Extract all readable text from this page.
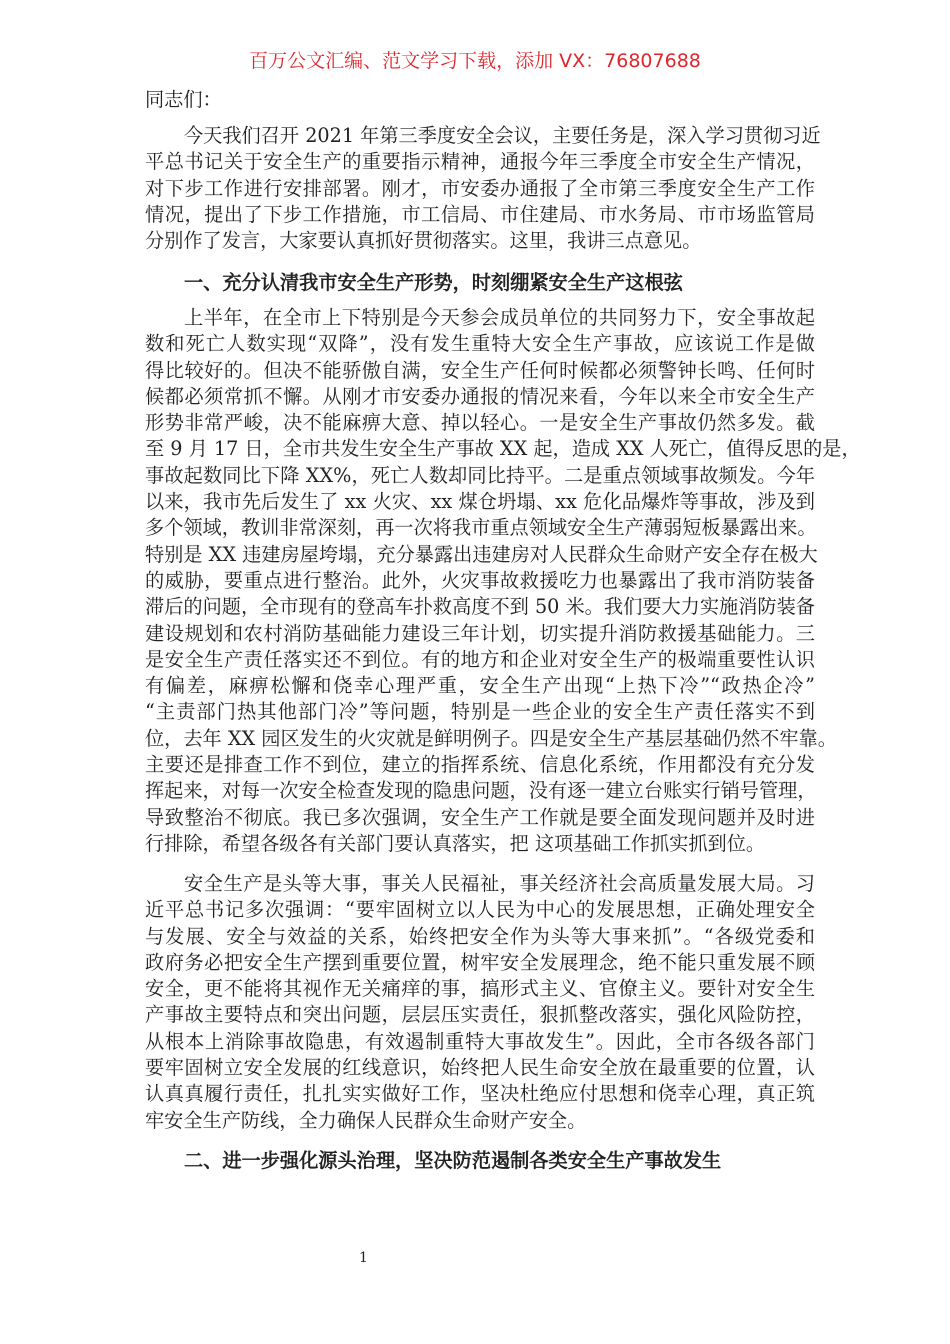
百万公文汇编、范文学习下载，添加 VX：76807688
同志们：
今天我们召开 2021 年第三季度安全会议，主要任务是，深入学习贯彻习近
平总书记关于安全生产的重要指示精神，通报今年三季度全市安全生产情况，
对下步工作进行安排部署。刚才，市安委办通报了全市第三季度安全生产工作
情况，提出了下步工作措施，市工信局、市住建局、市水务局、市市场监管局
分别作了发言，大家要认真抓好贯彻落实。这里，我讲三点意见。
一、充分认清我市安全生产形势，时刻绷紧安全生产这根弦
上半年，在全市上下特别是今天参会成员单位的共同努力下，安全事故起
数和死亡人数实现“双降”，没有发生重特大安全生产事故，应该说工作是做
得比较好的。但决不能骄傲自满，安全生产任何时候都必须警钟长鸣、任何时
候都必须常抓不懈。从刚才市安委办通报的情况来看，今年以来全市安全生产
形势非常严峻，决不能麻痹大意、掉以轻心。一是安全生产事故仍然多发。截
至 9 月 17 日，全市共发生安全生产事故 XX 起，造成 XX 人死亡，值得反思的是，
事故起数同比下降 XX%，死亡人数却同比持平。二是重点领域事故频发。今年
以来，我市先后发生了 xx 火灾、xx 煤仓坍塌、xx 危化品爆炸等事故，涉及到
多个领域，教训非常深刻，再一次将我市重点领域安全生产薄弱短板暴露出来。
特别是 XX 违建房屋垮塌，充分暴露出违建房对人民群众生命财产安全存在极大
的威胁，要重点进行整治。此外，火灾事故救援吃力也暴露出了我市消防装备
滞后的问题，全市现有的登高车扑救高度不到 50 米。我们要大力实施消防装备
建设规划和农村消防基础能力建设三年计划，切实提升消防救援基础能力。三
是安全生产责任落实还不到位。有的地方和企业对安全生产的极端重要性认识
有偏差，麻痹松懈和侥幸心理严重，安全生产出现“上热下冷”“政热企冷”
“主责部门热其他部门冷”等问题，特别是一些企业的安全生产责任落实不到
位，去年 XX 园区发生的火灾就是鲜明例子。四是安全生产基层基础仍然不牢靠。
主要还是排查工作不到位，建立的指挥系统、信息化系统，作用都没有充分发
挥起来，对每一次安全检查发现的隐患问题，没有逐一建立台账实行销号管理，
导致整治不彻底。我已多次强调，安全生产工作就是要全面发现问题并及时进
行排除，希望各级各有关部门要认真落实，把 这项基础工作抓实抓到位。
安全生产是头等大事，事关人民福祉，事关经济社会高质量发展大局。习
近平总书记多次强调：“要牢固树立以人民为中心的发展思想，正确处理安全
与发展、安全与效益的关系，始终把安全作为头等大事来抓”。“各级党委和
政府务必把安全生产摆到重要位置，树牢安全发展理念，绝不能只重发展不顾
安全，更不能将其视作无关痛痒的事，搞形式主义、官僚主义。要针对安全生
产事故主要特点和突出问题，层层压实责任，狠抓整改落实，强化风险防控，
从根本上消除事故隐患，有效遏制重特大事故发生”。因此，全市各级各部门
要牢固树立安全发展的红线意识，始终把人民生命安全放在最重要的位置，认
认真真履行责任，扎扎实实做好工作，坚决杜绝应付思想和侥幸心理，真正筑
牢安全生产防线，全力确保人民群众生命财产安全。
二、进一步强化源头治理，坚决防范遏制各类安全生产事故发生
1
